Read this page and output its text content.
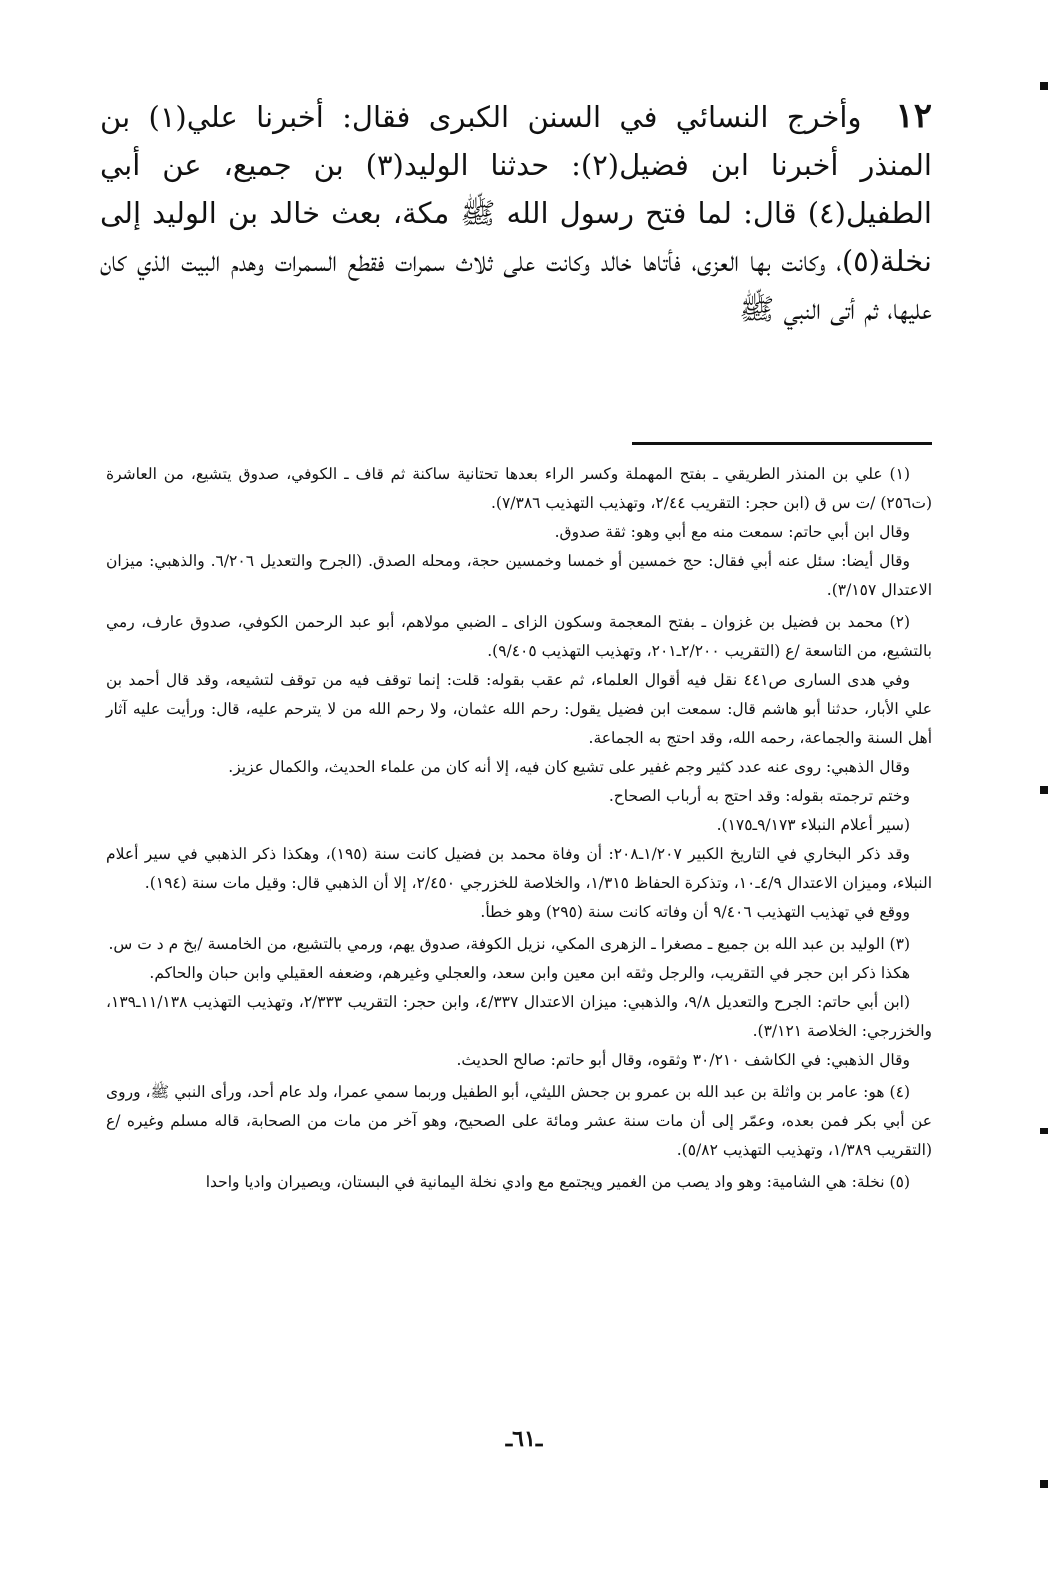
١٢وأخرج النسائي في السنن الكبرى فقال: أخبرنا علي(١) بن المنذر أخبرنا ابن فضيل(٢): حدثنا الوليد(٣) بن جميع، عن أبي الطفيل(٤) قال: لما فتح رسول الله ﷺ مكة، بعث خالد بن الوليد إلى نخلة(٥)، وكانت بها العزى، فأتاها خالد وكانت على ثلاث سمرات فقطع السمرات وهدم البيت الذي كان عليها، ثم أتى النبي ﷺ

(١) علي بن المنذر الطريقي ـ بفتح المهملة وكسر الراء بعدها تحتانية ساكنة ثم قاف ـ الكوفي، صدوق يتشيع، من العاشرة (ت٢٥٦) /ت س ق (ابن حجر: التقريب ٢/٤٤، وتهذيب التهذيب ٧/٣٨٦).

وقال ابن أبي حاتم: سمعت منه مع أبي وهو: ثقة صدوق.

وقال أيضا: سئل عنه أبي فقال: حج خمسين أو خمسا وخمسين حجة، ومحله الصدق. (الجرح والتعديل ٦/٢٠٦. والذهبي: ميزان الاعتدال ٣/١٥٧).

(٢) محمد بن فضيل بن غزوان ـ بفتح المعجمة وسكون الزاى ـ الضبي مولاهم، أبو عبد الرحمن الكوفي، صدوق عارف، رمي بالتشيع، من التاسعة /ع (التقريب ٢/٢٠٠ـ٢٠١، وتهذيب التهذيب ٩/٤٠٥).

وفي هدى السارى ص٤٤١ نقل فيه أقوال العلماء، ثم عقب بقوله: قلت: إنما توقف فيه من توقف لتشيعه، وقد قال أحمد بن علي الأبار، حدثنا أبو هاشم قال: سمعت ابن فضيل يقول: رحم الله عثمان، ولا رحم الله من لا يترحم عليه، قال: ورأيت عليه آثار أهل السنة والجماعة، رحمه الله، وقد احتج به الجماعة.

وقال الذهبي: روى عنه عدد كثير وجم غفير على تشيع كان فيه، إلا أنه كان من علماء الحديث، والكمال عزيز.

وختم ترجمته بقوله: وقد احتج به أرباب الصحاح.

(سير أعلام النبلاء ٩/١٧٣ـ١٧٥).

وقد ذكر البخاري في التاريخ الكبير ١/٢٠٧ـ٢٠٨: أن وفاة محمد بن فضيل كانت سنة (١٩٥)، وهكذا ذكر الذهبي في سير أعلام النبلاء، وميزان الاعتدال ٤/٩ـ١٠، وتذكرة الحفاظ ١/٣١٥، والخلاصة للخزرجي ٢/٤٥٠، إلا أن الذهبي قال: وقيل مات سنة (١٩٤).

ووقع في تهذيب التهذيب ٩/٤٠٦ أن وفاته كانت سنة (٢٩٥) وهو خطأ.

(٣) الوليد بن عبد الله بن جميع ـ مصغرا ـ الزهرى المكي، نزيل الكوفة، صدوق يهم، ورمي بالتشيع، من الخامسة /بخ م د ت س.

هكذا ذكر ابن حجر في التقريب، والرجل وثقه ابن معين وابن سعد، والعجلي وغيرهم، وضعفه العقيلي وابن حبان والحاكم.

(ابن أبي حاتم: الجرح والتعديل ٩/٨، والذهبي: ميزان الاعتدال ٤/٣٣٧، وابن حجر: التقريب ٢/٣٣٣، وتهذيب التهذيب ١١/١٣٨ـ١٣٩، والخزرجي: الخلاصة ٣/١٢١).

وقال الذهبي: في الكاشف ٣٠/٢١٠ وثقوه، وقال أبو حاتم: صالح الحديث.

(٤) هو: عامر بن واثلة بن عبد الله بن عمرو بن جحش الليثي، أبو الطفيل وربما سمي عمرا، ولد عام أحد، ورأى النبي ﷺ، وروى عن أبي بكر فمن بعده، وعمّر إلى أن مات سنة عشر ومائة على الصحيح، وهو آخر من مات من الصحابة، قاله مسلم وغيره /ع (التقريب ١/٣٨٩، وتهذيب التهذيب ٥/٨٢).

(٥) نخلة: هي الشامية: وهو واد يصب من الغمير ويجتمع مع وادي نخلة اليمانية في البستان، ويصيران واديا واحدا

ـ٦١ـ
